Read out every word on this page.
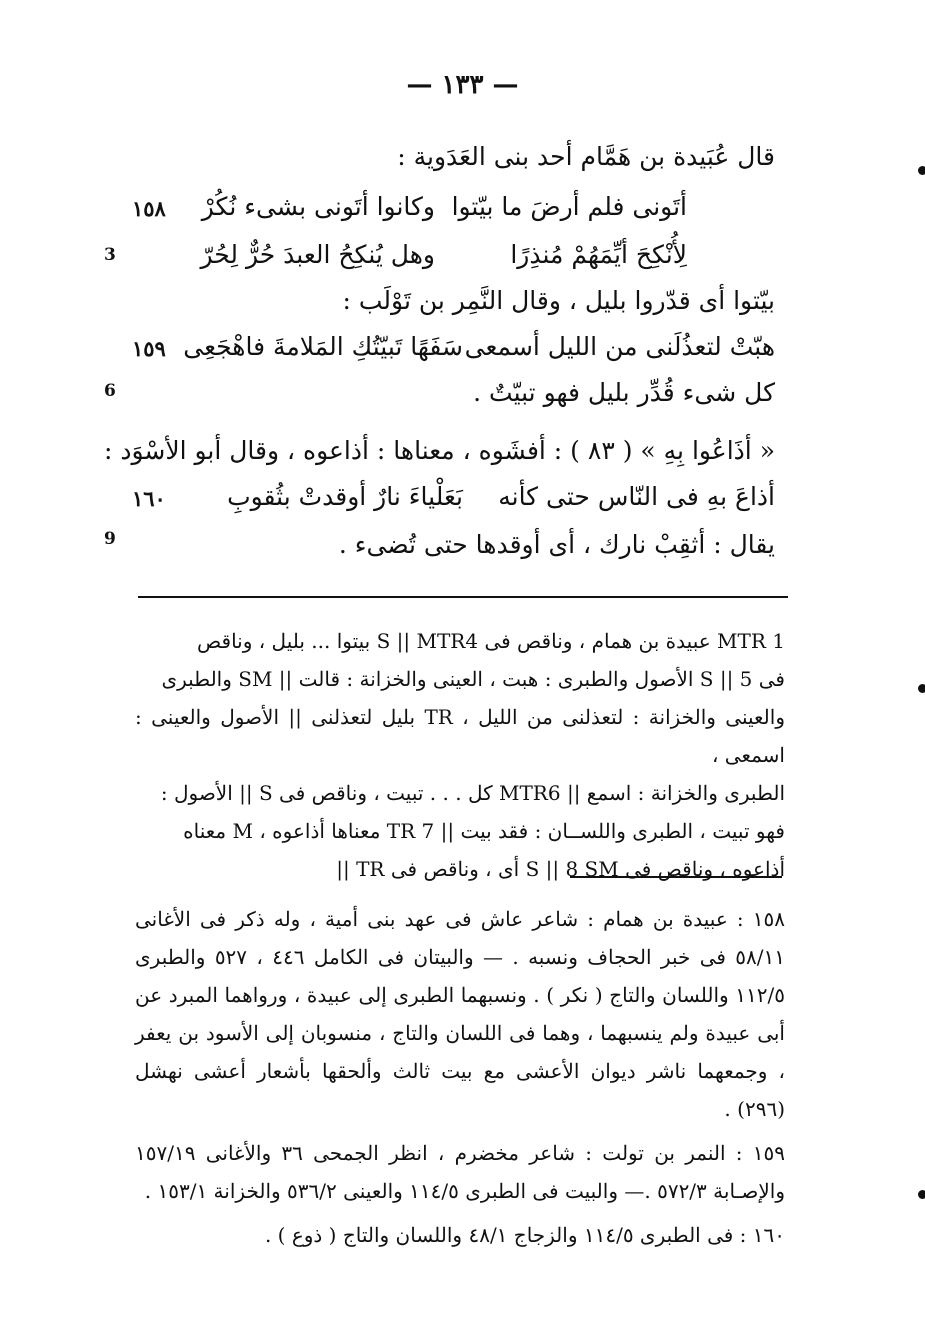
— ١٣٣ —
قال عُبَيدة بن هَمَّام أحد بنى العَدَوية :
أتَونى فلم أرضَ ما بيّتوا
وكانوا أتَونى بشىء نُكُرْ
١٥٨
لِأُنْكِحَ أيِّمَهُمْ مُنذِرًا
وهل يُنكِحُ العبدَ حُرٌّ لِحُرّ
3
بيّتوا أى قدّروا بليل ، وقال النَّمِر بن تَوْلَب :
هبّتْ لتعذُلَنى من الليل أسمعى
سَفَهًا تَبيّتُكِ المَلامةَ فاهْجَعِى
١٥٩
كل شىء قُدِّر بليل فهو تبيّتٌ .
6
« أذَاعُوا بِهِ » ( ٨٣ ) : أفشَوه ، معناها : أذاعوه ، وقال أبو الأسْوَد :
أذاعَ بهِ فى النّاس حتى كأنه
بَعَلْياءَ نارٌ أوقدتْ بثُقوبِ
١٦٠
يقال : أثقِبْ نارك ، أى أوقدها حتى تُضىء .
9

MTR 1 عبيدة بن همام ، وناقص فى S || MTR4 بيتوا ... بليل ، وناقص

فى S || 5 الأصول والطبرى : هبت ، العينى والخزانة : قالت || SM والطبرى

والعينى والخزانة : لتعذلنى من الليل ، TR بليل لتعذلنى || الأصول والعينى : اسمعى ،

الطبرى والخزانة : اسمع || MTR6 كل . . . تبيت ، وناقص فى S || الأصول :

فهو تبيت ، الطبرى واللســان : فقد بيت || TR 7 معناها أذاعوه ، M معناه

أذاعوه ، وناقص فى S || 8 SM أى ، وناقص فى TR ||

١٥٨ : عبيدة بن همام : شاعر عاش فى عهد بنى أمية ، وله ذكر فى الأغانى ٥٨/١١ فى خبر الحجاف ونسبه . — والبيتان فى الكامل ٤٤٦ ، ٥٢٧ والطبرى ١١٢/٥ واللسان والتاج ( نكر ) . ونسبهما الطبرى إلى عبيدة ، ورواهما المبرد عن أبى عبيدة ولم ينسبهما ، وهما فى اللسان والتاج ، منسوبان إلى الأسود بن يعفر ، وجمعهما ناشر ديوان الأعشى مع بيت ثالث وألحقها بأشعار أعشى نهشل (٢٩٦) .

١٥٩ : النمر بن تولت : شاعر مخضرم ، انظر الجمحى ٣٦ والأغانى ١٥٧/١٩ والإصـابة ٥٧٢/٣ .— والبيت فى الطبرى ١١٤/٥ والعينى ٥٣٦/٢ والخزانة ١٥٣/١ .

١٦٠ : فى الطبرى ١١٤/٥ والزجاج ٤٨/١ واللسان والتاج ( ذوع ) .
